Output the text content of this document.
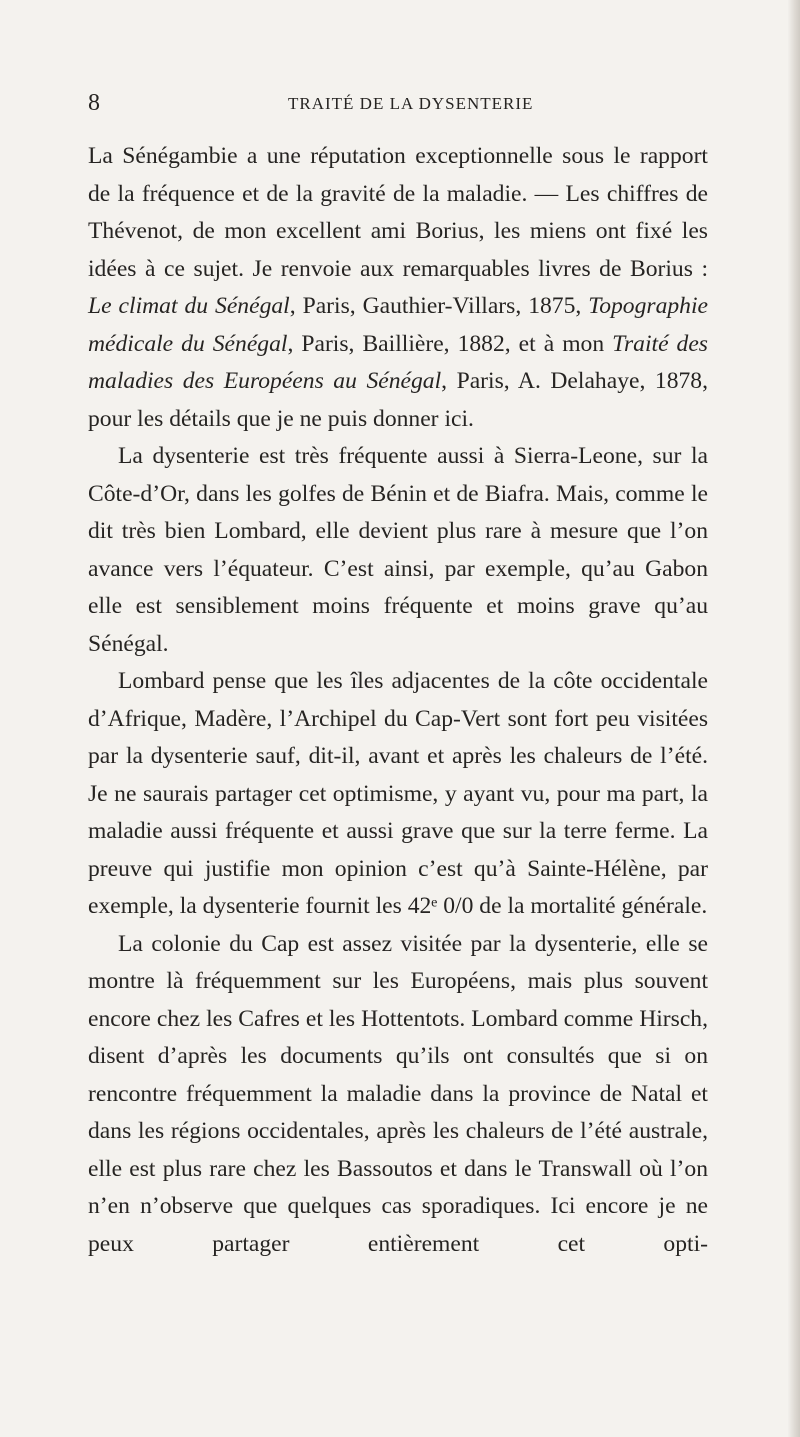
8	TRAITÉ DE LA DYSENTERIE

La Sénégambie a une réputation exceptionnelle sous le rapport de la fréquence et de la gravité de la maladie. — Les chiffres de Thévenot, de mon excellent ami Borius, les miens ont fixé les idées à ce sujet. Je renvoie aux remarquables livres de Borius : Le climat du Sénégal, Paris, Gauthier-Villars, 1875, Topographie médicale du Sénégal, Paris, Baillière, 1882, et à mon Traité des maladies des Européens au Sénégal, Paris, A. Delahaye, 1878, pour les détails que je ne puis donner ici.

La dysenterie est très fréquente aussi à Sierra-Leone, sur la Côte-d’Or, dans les golfes de Bénin et de Biafra. Mais, comme le dit très bien Lombard, elle devient plus rare à mesure que l’on avance vers l’équateur. C’est ainsi, par exemple, qu’au Gabon elle est sensiblement moins fréquente et moins grave qu’au Sénégal.

Lombard pense que les îles adjacentes de la côte occidentale d’Afrique, Madère, l’Archipel du Cap-Vert sont fort peu visitées par la dysenterie sauf, dit-il, avant et après les chaleurs de l’été. Je ne saurais partager cet optimisme, y ayant vu, pour ma part, la maladie aussi fréquente et aussi grave que sur la terre ferme. La preuve qui justifie mon opinion c’est qu’à Sainte-Hélène, par exemple, la dysenterie fournit les 42ᵉ 0/0 de la mortalité générale.

La colonie du Cap est assez visitée par la dysenterie, elle se montre là fréquemment sur les Européens, mais plus souvent encore chez les Cafres et les Hottentots. Lombard comme Hirsch, disent d’après les documents qu’ils ont consultés que si on rencontre fréquemment la maladie dans la province de Natal et dans les régions occidentales, après les chaleurs de l’été australe, elle est plus rare chez les Bassoutos et dans le Transwall où l’on n’en n’observe que quelques cas sporadiques. Ici encore je ne peux partager entièrement cet opti-
